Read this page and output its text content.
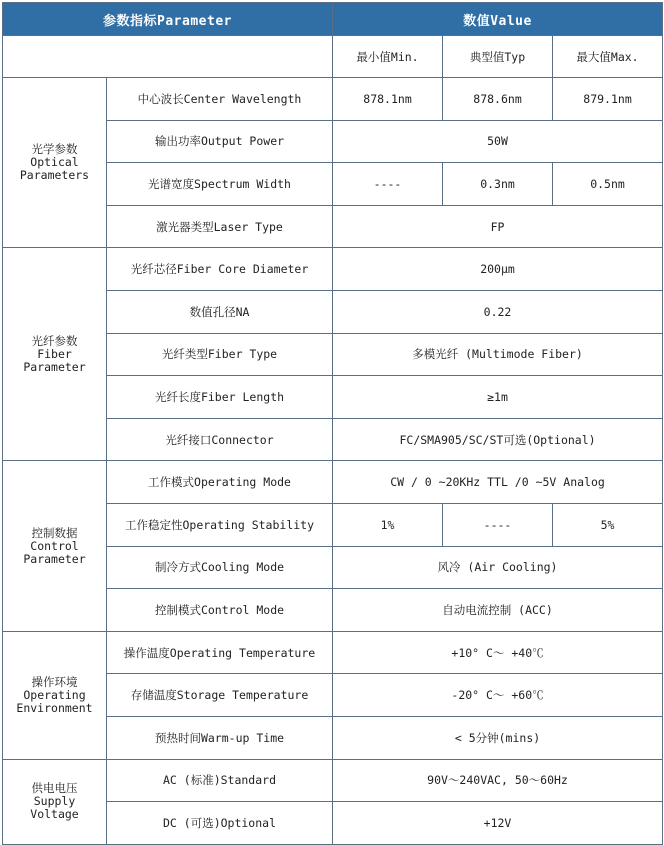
参数指标Parameter		数值Value		
		最小值Min.	典型值Typ	最大值Max.

光学参数
Optical
Parameters	中心波长Center Wavelength	878.1nm	878.6nm	879.1nm
	输出功率Output Power	50W		
	光谱宽度Spectrum Width	----	0.3nm	0.5nm
	激光器类型Laser Type	FP		

光纤参数
Fiber
Parameter	光纤芯径Fiber Core Diameter	200μm		
	数值孔径NA	0.22		
	光纤类型Fiber Type	多模光纤 (Multimode Fiber)		
	光纤长度Fiber Length	≥1m		
	光纤接口Connector	FC/SMA905/SC/ST可选(Optional)		

控制数据
Control
Parameter	工作模式Operating Mode	CW / 0 ~20KHz TTL /0 ~5V Analog		
	工作稳定性Operating Stability	1%	----	5%
	制冷方式Cooling Mode	风冷 (Air Cooling)		
	控制模式Control Mode	自动电流控制 (ACC)		

操作环境
Operating
Environment	操作温度Operating Temperature	+10° C～ +40℃		
	存储温度Storage Temperature	-20° C～ +60℃		
	预热时间Warm-up Time	< 5分钟(mins)		

供电电压
Supply
Voltage	AC (标准)Standard	90V～240VAC, 50～60Hz		
	DC (可选)Optional	+12V		
